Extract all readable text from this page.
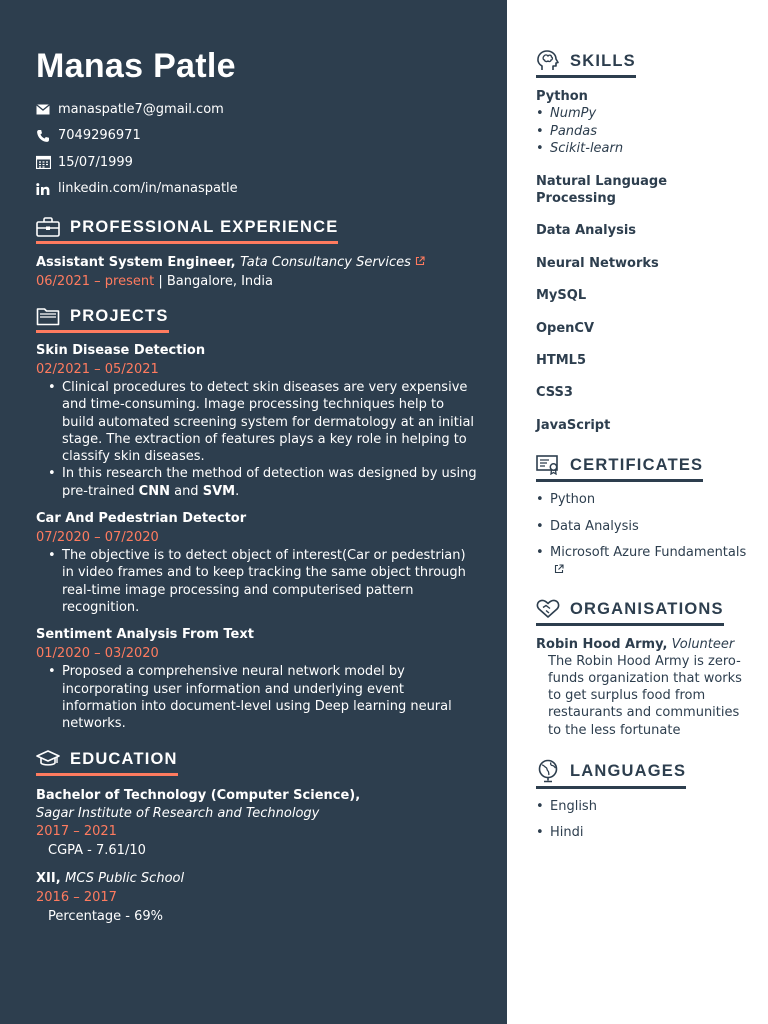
Manas Patle
manaspatle7@gmail.com
7049296971
15/07/1999
linkedin.com/in/manaspatle
PROFESSIONAL EXPERIENCE
Assistant System Engineer, Tata Consultancy Services
06/2021 – present | Bangalore, India
PROJECTS
Skin Disease Detection
02/2021 – 05/2021
• Clinical procedures to detect skin diseases are very expensive and time-consuming. Image processing techniques help to build automated screening system for dermatology at an initial stage. The extraction of features plays a key role in helping to classify skin diseases.
• In this research the method of detection was designed by using pre-trained CNN and SVM.
Car And Pedestrian Detector
07/2020 – 07/2020
• The objective is to detect object of interest(Car or pedestrian) in video frames and to keep tracking the same object through real-time image processing and computerised pattern recognition.
Sentiment Analysis From Text
01/2020 – 03/2020
• Proposed a comprehensive neural network model by incorporating user information and underlying event information into document-level using Deep learning neural networks.
EDUCATION
Bachelor of Technology (Computer Science),
Sagar Institute of Research and Technology
2017 – 2021
CGPA - 7.61/10
XII, MCS Public School
2016 – 2017
Percentage - 69%
SKILLS
Python
• NumPy
• Pandas
• Scikit-learn
Natural Language Processing
Data Analysis
Neural Networks
MySQL
OpenCV
HTML5
CSS3
JavaScript
CERTIFICATES
• Python
• Data Analysis
• Microsoft Azure Fundamentals
ORGANISATIONS
Robin Hood Army, Volunteer
The Robin Hood Army is zero-funds organization that works to get surplus food from restaurants and communities to the less fortunate
LANGUAGES
• English
• Hindi
